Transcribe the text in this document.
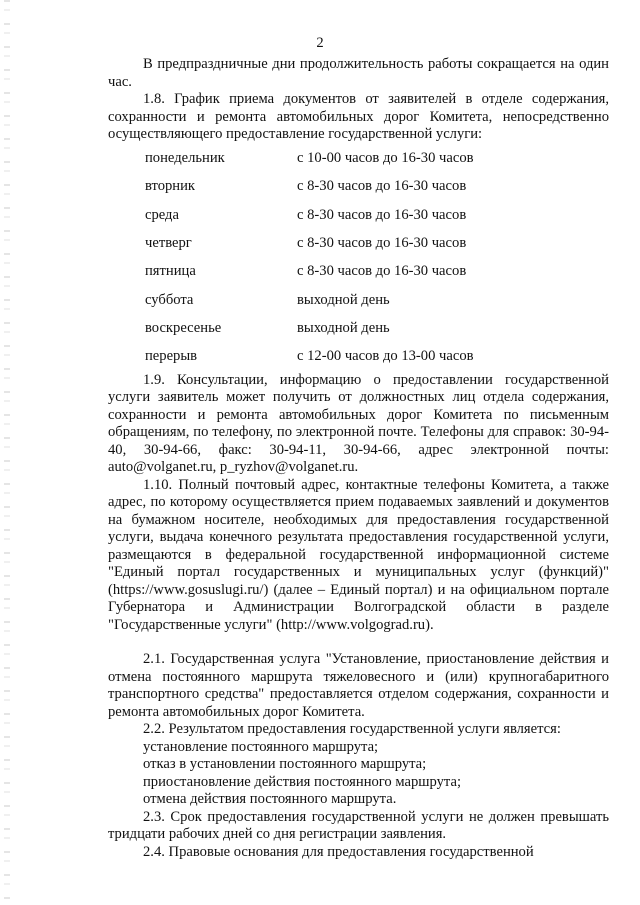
2

В предпраздничные дни продолжительность работы сокращается на один час.

1.8. График приема документов от заявителей в отделе содержания, сохранности и ремонта автомобильных дорог Комитета, непосредственно осуществляющего предоставление государственной услуги:

понедельник	с 10-00 часов до 16-30 часов
вторник	с 8-30 часов до 16-30 часов
среда	с 8-30 часов до 16-30 часов
четверг	с 8-30 часов до 16-30 часов
пятница	с 8-30 часов до 16-30 часов
суббота	выходной день
воскресенье	выходной день
перерыв	с 12-00 часов до 13-00 часов

1.9. Консультации, информацию о предоставлении государственной услуги заявитель может получить от должностных лиц отдела содержания, сохранности и ремонта автомобильных дорог Комитета по письменным обращениям, по телефону, по электронной почте. Телефоны для справок: 30-94-40, 30-94-66, факс: 30-94-11, 30-94-66, адрес электронной почты: auto@volganet.ru, p_ryzhov@volganet.ru.

1.10. Полный почтовый адрес, контактные телефоны Комитета, а также адрес, по которому осуществляется прием подаваемых заявлений и документов на бумажном носителе, необходимых для предоставления государственной услуги, выдача конечного результата предоставления государственной услуги, размещаются в федеральной государственной информационной системе "Единый портал государственных и муниципальных услуг (функций)" (https://www.gosuslugi.ru/) (далее – Единый портал) и на официальном портале Губернатора и Администрации Волгоградской области в разделе "Государственные услуги" (http://www.volgograd.ru).

2.1. Государственная услуга "Установление, приостановление действия и отмена постоянного маршрута тяжеловесного и (или) крупногабаритного транспортного средства" предоставляется отделом содержания, сохранности и ремонта автомобильных дорог Комитета.

2.2. Результатом предоставления государственной услуги является:

установление постоянного маршрута;

отказ в установлении постоянного маршрута;

приостановление действия постоянного маршрута;

отмена действия постоянного маршрута.

2.3. Срок предоставления государственной услуги не должен превышать тридцати рабочих дней со дня регистрации заявления.

2.4. Правовые основания для предоставления государственной
